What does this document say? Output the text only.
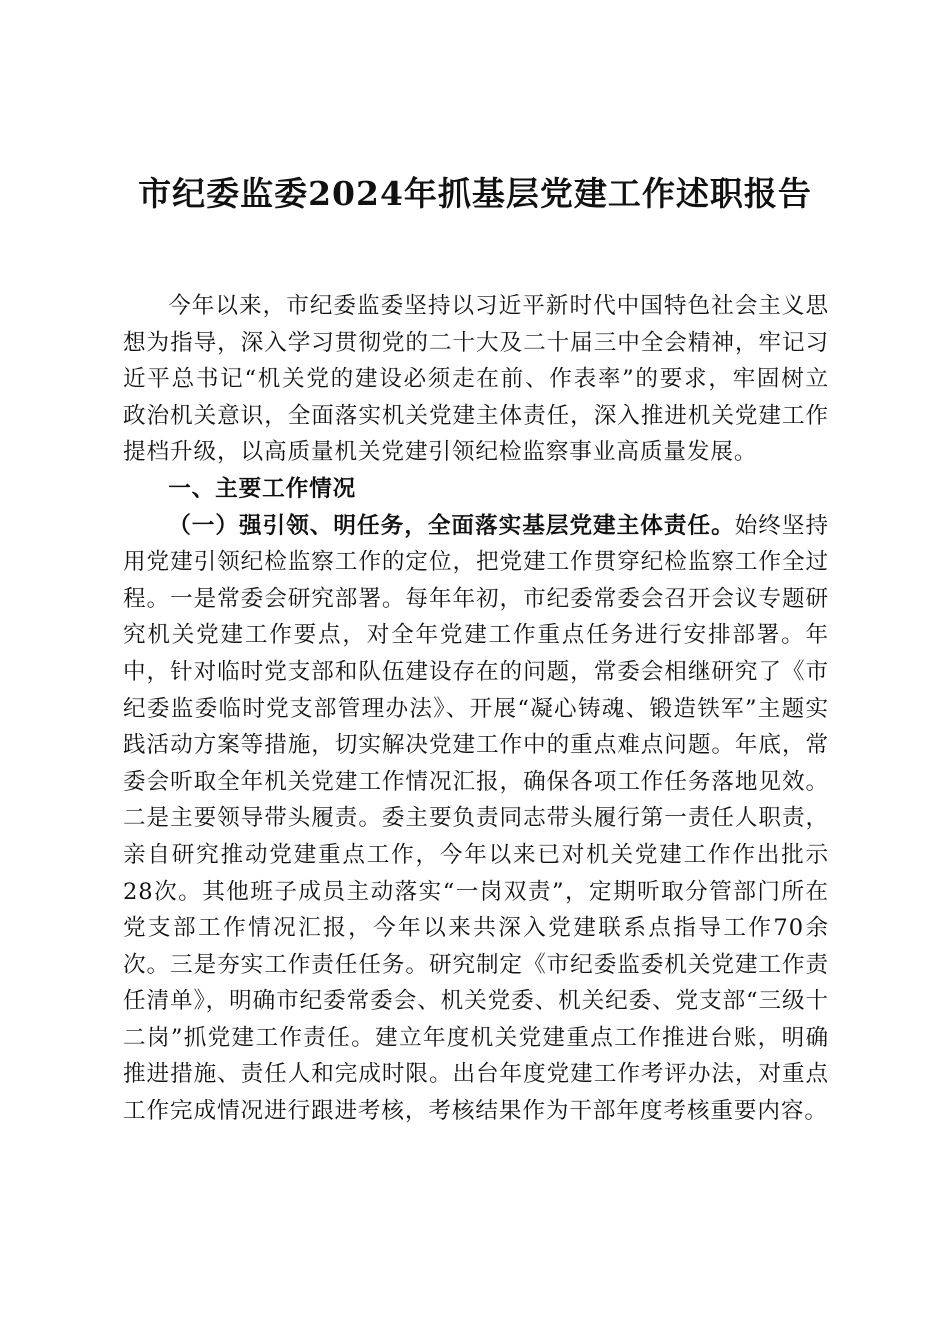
市纪委监委2024年抓基层党建工作述职报告

今年以来，市纪委监委坚持以习近平新时代中国特色社会主义思想为指导，深入学习贯彻党的二十大及二十届三中全会精神，牢记习近平总书记“机关党的建设必须走在前、作表率”的要求，牢固树立政治机关意识，全面落实机关党建主体责任，深入推进机关党建工作提档升级，以高质量机关党建引领纪检监察事业高质量发展。

一、主要工作情况

（一）强引领、明任务，全面落实基层党建主体责任。始终坚持用党建引领纪检监察工作的定位，把党建工作贯穿纪检监察工作全过程。一是常委会研究部署。每年年初，市纪委常委会召开会议专题研究机关党建工作要点，对全年党建工作重点任务进行安排部署。年中，针对临时党支部和队伍建设存在的问题，常委会相继研究了《市纪委监委临时党支部管理办法》、开展“凝心铸魂、锻造铁军”主题实践活动方案等措施，切实解决党建工作中的重点难点问题。年底，常委会听取全年机关党建工作情况汇报，确保各项工作任务落地见效。二是主要领导带头履责。委主要负责同志带头履行第一责任人职责，亲自研究推动党建重点工作，今年以来已对机关党建工作作出批示28次。其他班子成员主动落实“一岗双责”，定期听取分管部门所在党支部工作情况汇报，今年以来共深入党建联系点指导工作70余次。三是夯实工作责任任务。研究制定《市纪委监委机关党建工作责任清单》，明确市纪委常委会、机关党委、机关纪委、党支部“三级十二岗”抓党建工作责任。建立年度机关党建重点工作推进台账，明确推进措施、责任人和完成时限。出台年度党建工作考评办法，对重点工作完成情况进行跟进考核，考核结果作为干部年度考核重要内容。
